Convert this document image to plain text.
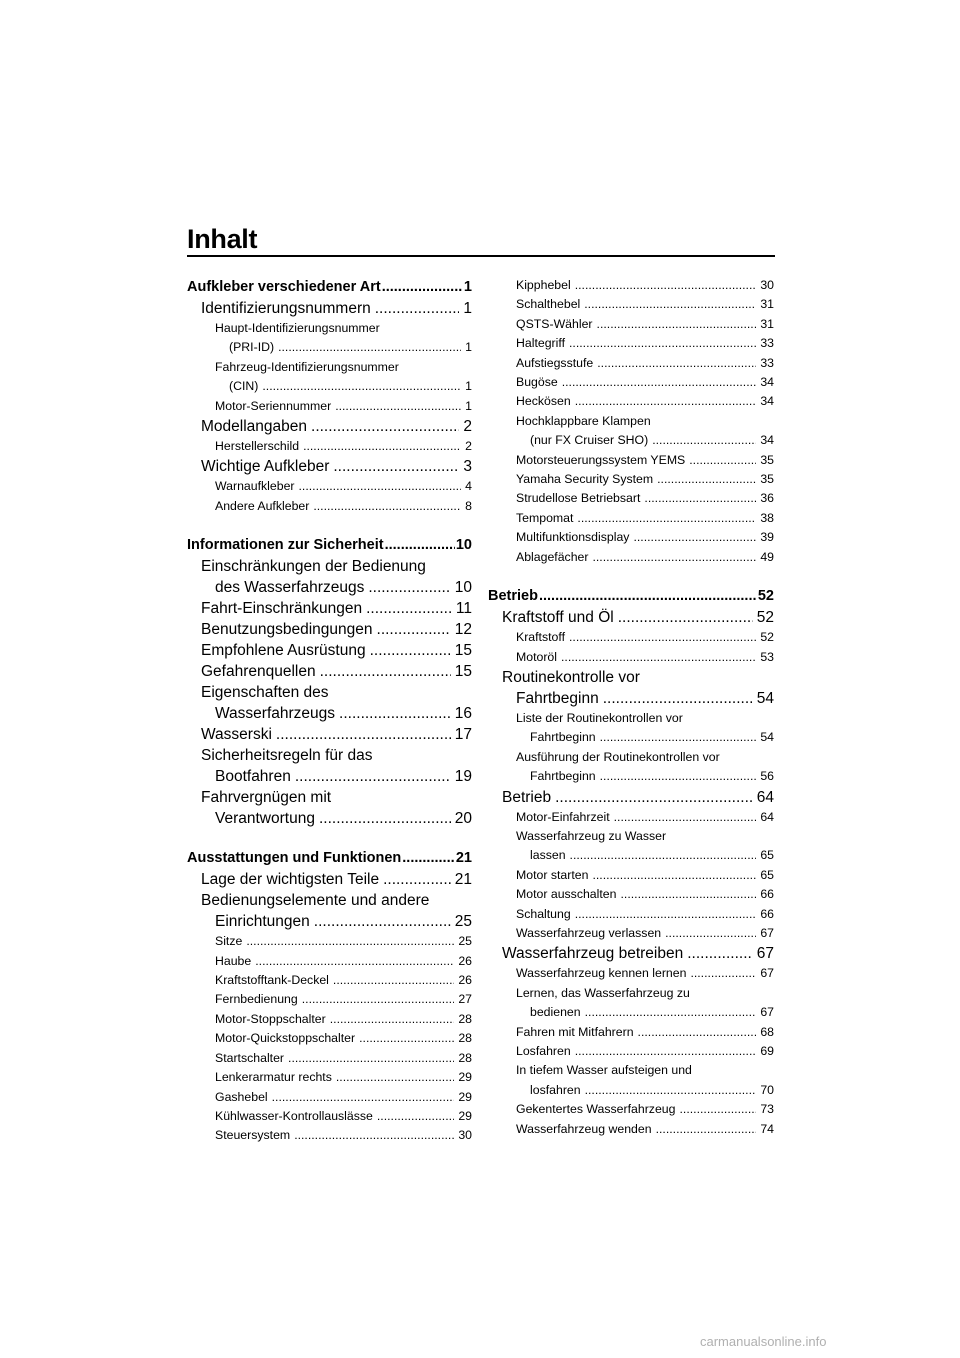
Inhalt
Aufkleber verschiedener Art .....	1
Identifizierungsnummern .....	1
Haupt-Identifizierungsnummer
(PRI-ID) .....	1
Fahrzeug-Identifizierungsnummer
(CIN) .....	1
Motor-Seriennummer .....	1
Modellangaben .....	2
Herstellerschild .....	2
Wichtige Aufkleber .....	3
Warnaufkleber .....	4
Andere Aufkleber .....	8
Informationen zur Sicherheit .....	10
Einschränkungen der Bedienung
des Wasserfahrzeugs .....	10
Fahrt-Einschränkungen .....	11
Benutzungsbedingungen .....	12
Empfohlene Ausrüstung .....	15
Gefahrenquellen .....	15
Eigenschaften des
Wasserfahrzeugs .....	16
Wasserski .....	17
Sicherheitsregeln für das
Bootfahren .....	19
Fahrvergnügen mit
Verantwortung .....	20
Ausstattungen und Funktionen .....	21
Lage der wichtigsten Teile .....	21
Bedienungselemente und andere
Einrichtungen .....	25
Sitze .....	25
Haube .....	26
Kraftstofftank-Deckel .....	26
Fernbedienung .....	27
Motor-Stoppschalter .....	28
Motor-Quickstoppschalter .....	28
Startschalter .....	28
Lenkerarmatur rechts .....	29
Gashebel .....	29
Kühlwasser-Kontrollauslässe .....	29
Steuersystem .....	30
Kipphebel .....	30
Schalthebel .....	31
QSTS-Wähler .....	31
Haltegriff .....	33
Aufstiegsstufe .....	33
Bugöse .....	34
Heckösen .....	34
Hochklappbare Klampen
(nur FX Cruiser SHO) .....	34
Motorsteuerungssystem YEMS .....	35
Yamaha Security System .....	35
Strudellose Betriebsart .....	36
Tempomat .....	38
Multifunktionsdisplay .....	39
Ablagefächer .....	49
Betrieb .....	52
Kraftstoff und Öl .....	52
Kraftstoff .....	52
Motoröl .....	53
Routinekontrolle vor
Fahrtbeginn .....	54
Liste der Routinekontrollen vor
Fahrtbeginn .....	54
Ausführung der Routinekontrollen vor
Fahrtbeginn .....	56
Betrieb .....	64
Motor-Einfahrzeit .....	64
Wasserfahrzeug zu Wasser
lassen .....	65
Motor starten .....	65
Motor ausschalten .....	66
Schaltung .....	66
Wasserfahrzeug verlassen .....	67
Wasserfahrzeug betreiben .....	67
Wasserfahrzeug kennen lernen .....	67
Lernen, das Wasserfahrzeug zu
bedienen .....	67
Fahren mit Mitfahrern .....	68
Losfahren .....	69
In tiefem Wasser aufsteigen und
losfahren .....	70
Gekentertes Wasserfahrzeug .....	73
Wasserfahrzeug wenden .....	74
carmanualsonline.info
